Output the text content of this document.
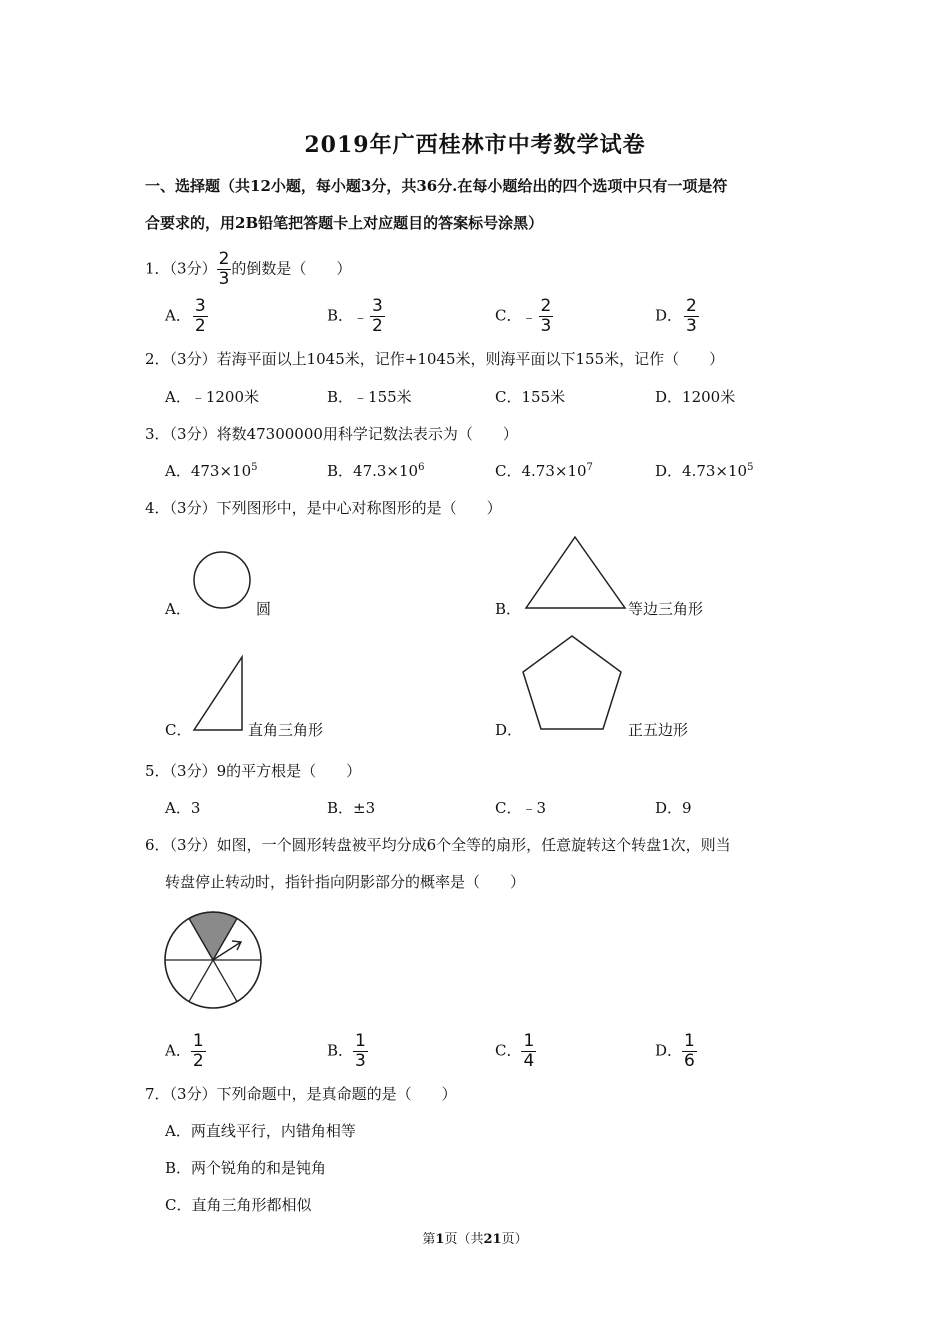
2019年广西桂林市中考数学试卷
一、选择题（共12小题，每小题3分，共36分.在每小题给出的四个选项中只有一项是符
合要求的，用2B铅笔把答题卡上对应题目的答案标号涂黑）
1．（3分） $\frac{2}{3}$ 的倒数是（　　）
A． $\frac{3}{2}$	B．﹣ $\frac{3}{2}$	C．﹣ $\frac{2}{3}$	D． $\frac{2}{3}$
2．（3分）若海平面以上1045米，记作+1045米，则海平面以下155米，记作（　　）
A．﹣1200米	B．﹣155米	C．155米	D．1200米
3．（3分）将数47300000用科学记数法表示为（　　）
A．$473\times 10^5$	B．$47.3\times 10^6$	C．$4.73\times 10^7$	D．$4.73\times 10^5$
4．（3分）下列图形中，是中心对称图形的是（　　）
A．	圆	B．	等边三角形
C．	直角三角形	D．	正五边形
5．（3分）9的平方根是（　　）
A．3	B．±3	C．﹣3	D．9
6．（3分）如图，一个圆形转盘被平均分成6个全等的扇形，任意旋转这个转盘1次，则当
转盘停止转动时，指针指向阴影部分的概率是（　　）
A． $\frac{1}{2}$	B． $\frac{1}{3}$	C． $\frac{1}{4}$	D． $\frac{1}{6}$
7．（3分）下列命题中，是真命题的是（　　）
A．两直线平行，内错角相等
B．两个锐角的和是钝角
C．直角三角形都相似
第1页（共21页）
